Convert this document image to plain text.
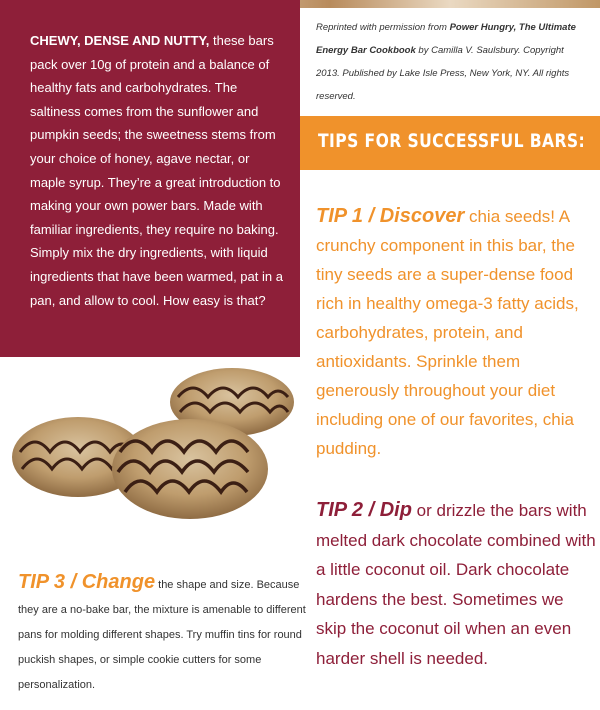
CHEWY, DENSE AND NUTTY, these bars pack over 10g of protein and a balance of healthy fats and carbohydrates. The saltiness comes from the sunflower and pumpkin seeds; the sweetness stems from your choice of honey, agave nectar, or maple syrup. They’re a great introduction to making your own power bars. Made with familiar ingredients, they require no baking. Simply mix the dry ingredients, with liquid ingredients that have been warmed, pat in a pan, and allow to cool. How easy is that?

Reprinted with permission from Power Hungry, The Ultimate Energy Bar Cookbook by Camilla V. Saulsbury. Copyright 2013. Published by Lake Isle Press, New York, NY. All rights reserved.

TIPS FOR SUCCESSFUL BARS:

TIP 1 / Discover chia seeds! A crunchy component in this bar, the tiny seeds are a super-dense food rich in healthy omega-3 fatty acids, carbohydrates, protein, and antioxidants. Sprinkle them generously throughout your diet including one of our favorites, chia pudding.

TIP 2 / Dip or drizzle the bars with melted dark chocolate combined with a little coconut oil. Dark chocolate hardens the best. Sometimes we skip the coconut oil when an even harder shell is needed.

TIP 3 / Change the shape and size. Because they are a no-bake bar, the mixture is amenable to different pans for molding different shapes. Try muffin tins for round puckish shapes, or simple cookie cutters for some personalization.
